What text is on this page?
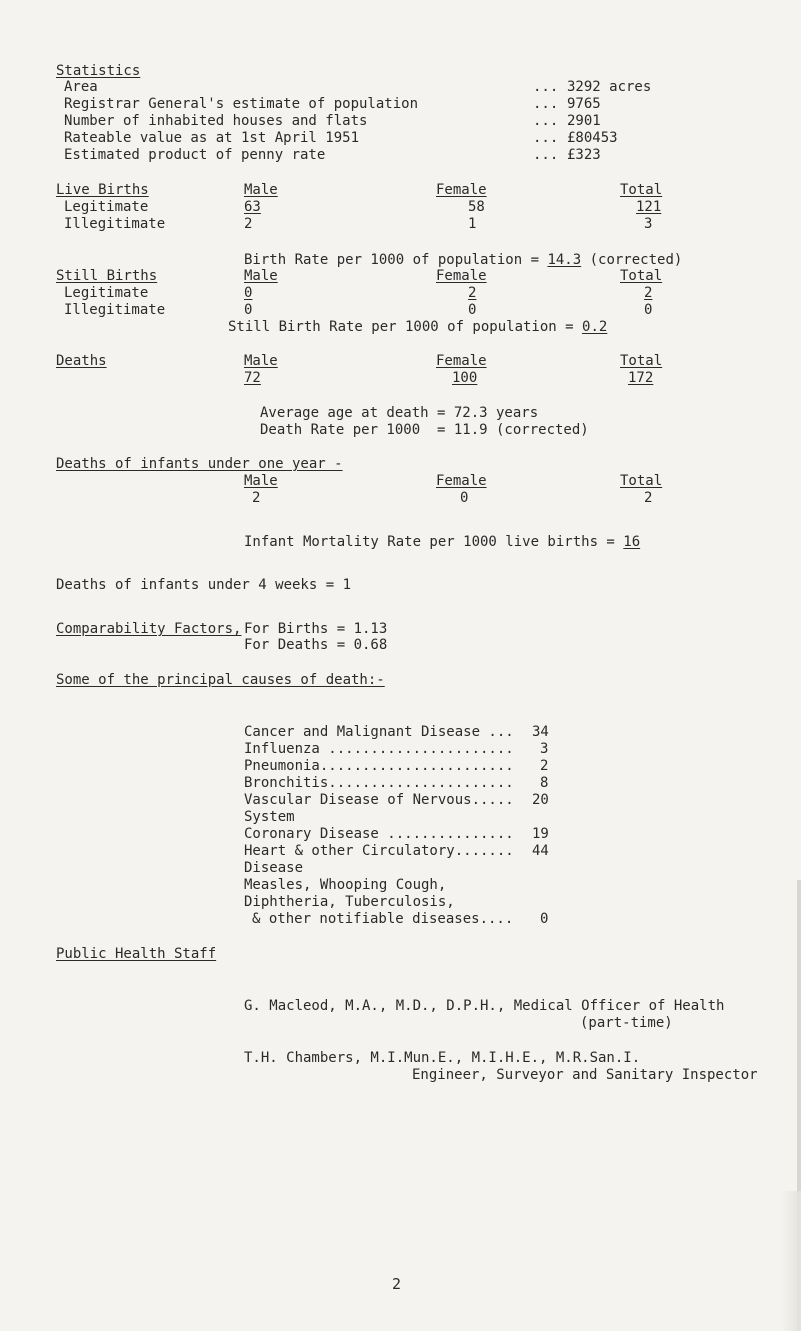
Statistics
Area	... 3292 acres
Registrar General's estimate of population	... 9765
Number of inhabited houses and flats	... 2901
Rateable value as at 1st April 1951	... £80453
Estimated product of penny rate	... £323
Live Births	Male	Female	Total
Legitimate	63	58	121
Illegitimate	2	1	3
Birth Rate per 1000 of population = 14.3 (corrected)
Still Births	Male	Female	Total
Legitimate	0	2	2
Illegitimate	0	0	0
Still Birth Rate per 1000 of population = 0.2
Deaths	Male	Female	Total
72	100	172
Average age at death = 72.3 years
Death Rate per 1000  = 11.9 (corrected)
Deaths of infants under one year -
Male	Female	Total
2	0	2
Infant Mortality Rate per 1000 live births = 16
Deaths of infants under 4 weeks = 1
Comparability Factors, For Births = 1.13
For Deaths = 0.68
Some of the principal causes of death:-
Cancer and Malignant Disease ... 34
Influenza ...................... 3
Pneumonia....................... 2
Bronchitis...................... 8
Vascular Disease of Nervous..... 20
System
Coronary Disease ............... 19
Heart & other Circulatory....... 44
Disease
Measles, Whooping Cough,
Diphtheria, Tuberculosis,
& other notifiable diseases.... 0
Public Health Staff
G. Macleod, M.A., M.D., D.P.H., Medical Officer of Health
(part-time)
T.H. Chambers, M.I.Mun.E., M.I.H.E., M.R.San.I.
Engineer, Surveyor and Sanitary Inspector
2
